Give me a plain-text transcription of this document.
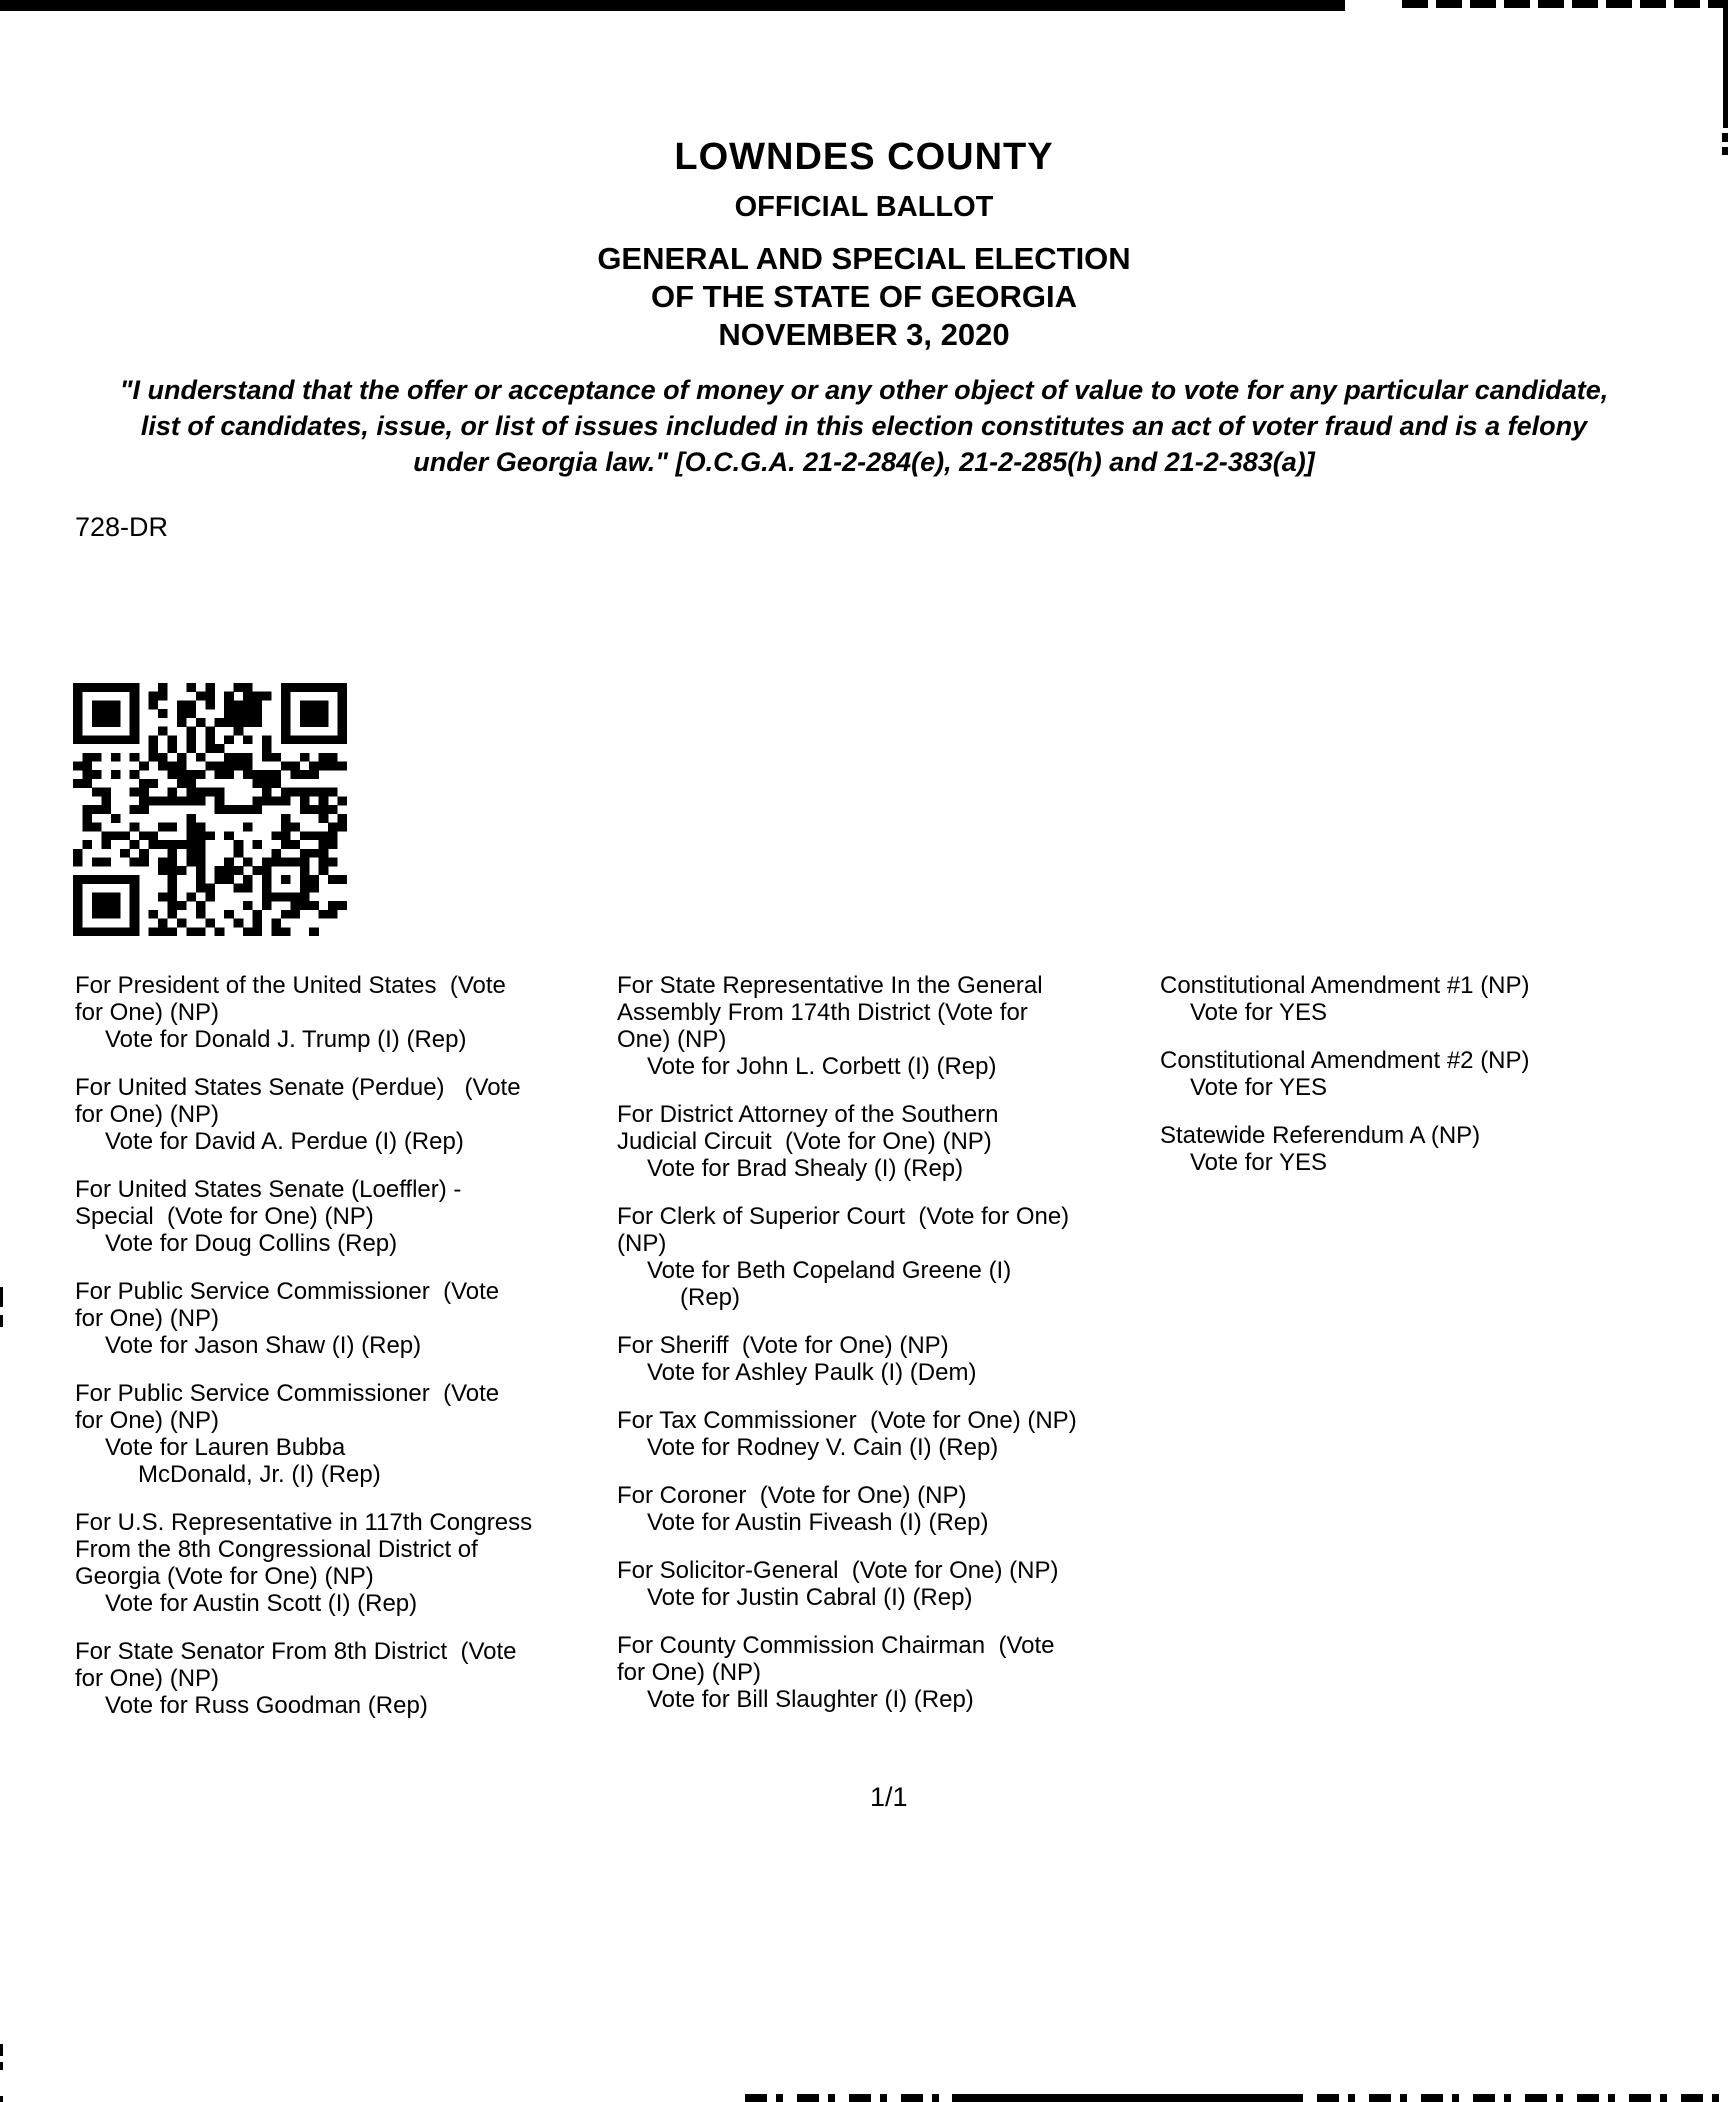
LOWNDES COUNTY
OFFICIAL BALLOT
GENERAL AND SPECIAL ELECTION
OF THE STATE OF GEORGIA
NOVEMBER 3, 2020
"I understand that the offer or acceptance of money or any other object of value to vote for any particular candidate,
list of candidates, issue, or list of issues included in this election constitutes an act of voter fraud and is a felony
under Georgia law." [O.C.G.A. 21-2-284(e), 21-2-285(h) and 21-2-383(a)]
728-DR
For President of the United States  (Vote
for One) (NP)
Vote for Donald J. Trump (I) (Rep)
For United States Senate (Perdue)   (Vote
for One) (NP)
Vote for David A. Perdue (I) (Rep)
For United States Senate (Loeffler) -
Special  (Vote for One) (NP)
Vote for Doug Collins (Rep)
For Public Service Commissioner  (Vote
for One) (NP)
Vote for Jason Shaw (I) (Rep)
For Public Service Commissioner  (Vote
for One) (NP)
Vote for Lauren Bubba
McDonald, Jr. (I) (Rep)
For U.S. Representative in 117th Congress
From the 8th Congressional District of
Georgia (Vote for One) (NP)
Vote for Austin Scott (I) (Rep)
For State Senator From 8th District  (Vote
for One) (NP)
Vote for Russ Goodman (Rep)
For State Representative In the General
Assembly From 174th District (Vote for
One) (NP)
Vote for John L. Corbett (I) (Rep)
For District Attorney of the Southern
Judicial Circuit  (Vote for One) (NP)
Vote for Brad Shealy (I) (Rep)
For Clerk of Superior Court  (Vote for One)
(NP)
Vote for Beth Copeland Greene (I)
(Rep)
For Sheriff  (Vote for One) (NP)
Vote for Ashley Paulk (I) (Dem)
For Tax Commissioner  (Vote for One) (NP)
Vote for Rodney V. Cain (I) (Rep)
For Coroner  (Vote for One) (NP)
Vote for Austin Fiveash (I) (Rep)
For Solicitor-General  (Vote for One) (NP)
Vote for Justin Cabral (I) (Rep)
For County Commission Chairman  (Vote
for One) (NP)
Vote for Bill Slaughter (I) (Rep)
Constitutional Amendment #1 (NP)
Vote for YES
Constitutional Amendment #2 (NP)
Vote for YES
Statewide Referendum A (NP)
Vote for YES
1/1
